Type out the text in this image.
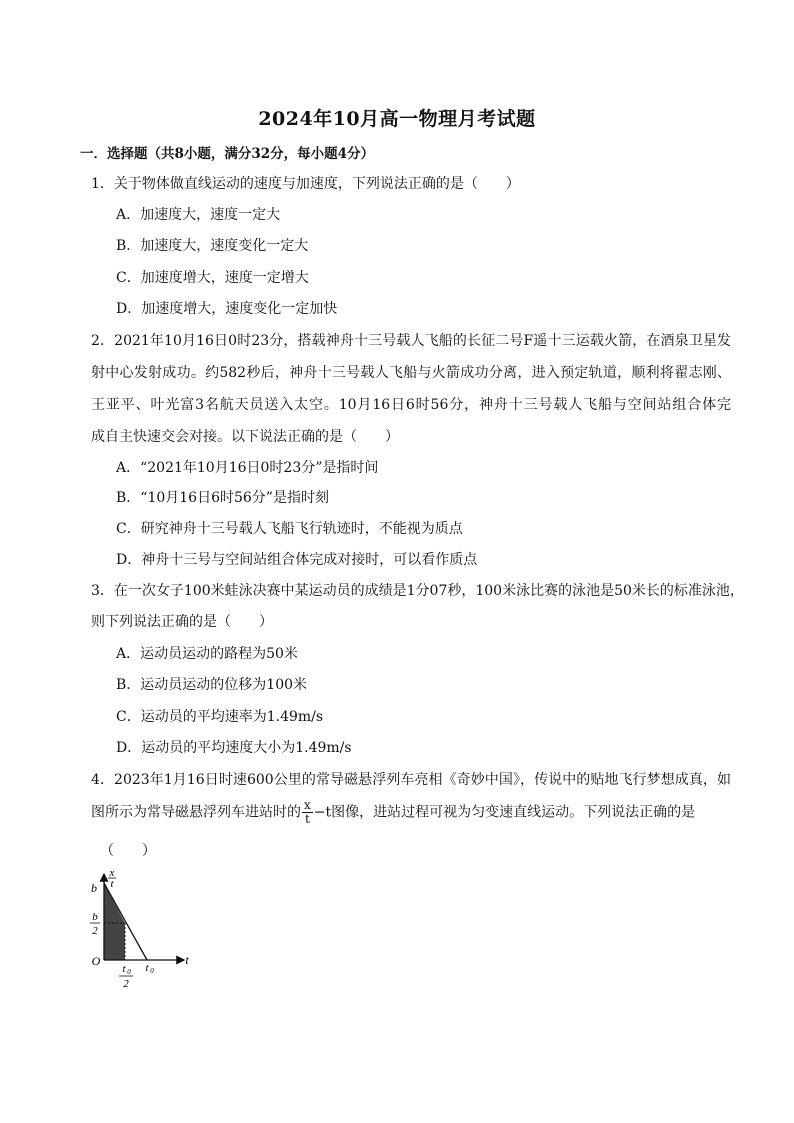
2024年10月高一物理月考试题
一．选择题（共8小题，满分32分，每小题4分）
1．关于物体做直线运动的速度与加速度，下列说法正确的是（　　）
A．加速度大，速度一定大
B．加速度大，速度变化一定大
C．加速度增大，速度一定增大
D．加速度增大，速度变化一定加快
2．2021年10月16日0时23分，搭载神舟十三号载人飞船的长征二号F遥十三运载火箭，在酒泉卫星发
射中心发射成功。约582秒后，神舟十三号载人飞船与火箭成功分离，进入预定轨道，顺利将翟志刚、
王亚平、叶光富3名航天员送入太空。10月16日6时56分，神舟十三号载人飞船与空间站组合体完
成自主快速交会对接。以下说法正确的是（　　）
A．“2021年10月16日0时23分”是指时间
B．“10月16日6时56分”是指时刻
C．研究神舟十三号载人飞船飞行轨迹时，不能视为质点
D．神舟十三号与空间站组合体完成对接时，可以看作质点
3．在一次女子100米蛙泳决赛中某运动员的成绩是1分07秒，100米泳比赛的泳池是50米长的标准泳池，
则下列说法正确的是（　　）
A．运动员运动的路程为50米
B．运动员运动的位移为100米
C．运动员的平均速率为1.49m/s
D．运动员的平均速度大小为1.49m/s
4．2023年1月16日时速600公里的常导磁悬浮列车亮相《奇妙中国》，传说中的贴地飞行梦想成真，如
图所示为常导磁悬浮列车进站时的 $\frac{x}{t} -t$图像，进站过程可视为匀变速直线运动。下列说法正确的是
（　　）
x
t
b
b
2
O
t 0
2
t 0
t
